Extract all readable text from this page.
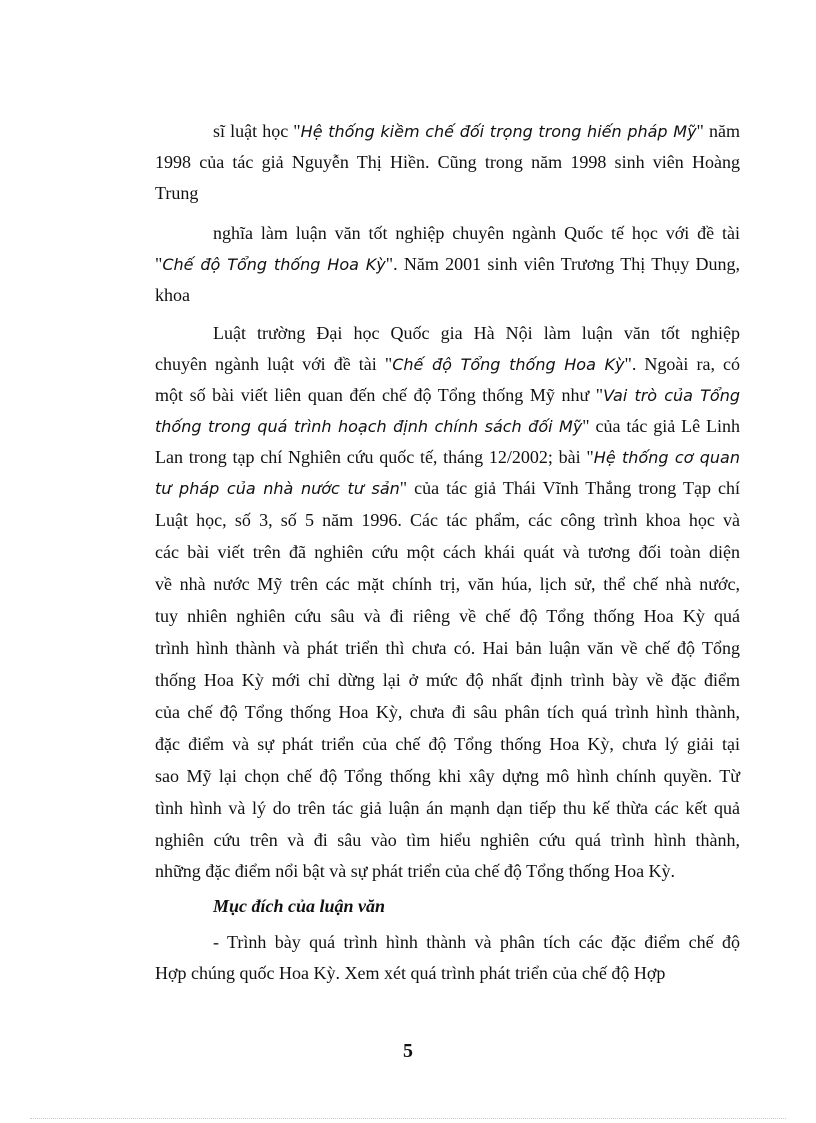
sĩ luật học "Hệ thống kiềm chế đối trọng trong hiến pháp Mỹ" năm
1998 của tác giả Nguyễn Thị Hiền. Cũng trong năm 1998 sinh viên Hoàng
Trung
nghĩa làm luận văn tốt nghiệp chuyên ngành Quốc tế học với đề tài
"Chế độ Tổng thống Hoa Kỳ". Năm 2001 sinh viên Trương Thị Thụy Dung,
khoa
Luật trường Đại học Quốc gia Hà Nội làm luận văn tốt nghiệp
chuyên ngành luật với đề tài "Chế độ Tổng thống Hoa Kỳ". Ngoài ra, có
một số bài viết liên quan đến chế độ Tổng thống Mỹ như "Vai trò của Tổng
thống trong quá trình hoạch định chính sách đối Mỹ" của tác giả Lê Linh
Lan trong tạp chí Nghiên cứu quốc tế, tháng 12/2002; bài "Hệ thống cơ quan
tư pháp của nhà nước tư sản" của tác giả Thái Vĩnh Thắng trong Tạp chí
Luật học, số 3, số 5 năm 1996. Các tác phẩm, các công trình khoa học và
các bài viết trên đã nghiên cứu một cách khái quát và tương đối toàn diện
về nhà nước Mỹ trên các mặt chính trị, văn húa, lịch sử, thể chế nhà nước,
tuy nhiên nghiên cứu sâu và đi riêng về chế độ Tổng thống Hoa Kỳ quá
trình hình thành và phát triển thì chưa có. Hai bản luận văn về chế độ Tổng
thống Hoa Kỳ mới chỉ dừng lại ở mức độ nhất định trình bày về đặc điểm
của chế độ Tổng thống Hoa Kỳ, chưa đi sâu phân tích quá trình hình thành,
đặc điểm và sự phát triển của chế độ Tổng thống Hoa Kỳ, chưa lý giải tại
sao Mỹ lại chọn chế độ Tổng thống khi xây dựng mô hình chính quyền. Từ
tình hình và lý do trên tác giả luận án mạnh dạn tiếp thu kế thừa các kết quả
nghiên cứu trên và đi sâu vào tìm hiểu nghiên cứu quá trình hình thành,
những đặc điểm nổi bật và sự phát triển của chế độ Tổng thống Hoa Kỳ.
Mục đích của luận văn
- Trình bày quá trình hình thành và phân tích các đặc điểm chế độ
Hợp chúng quốc Hoa Kỳ. Xem xét quá trình phát triển của chế độ Hợp
5
